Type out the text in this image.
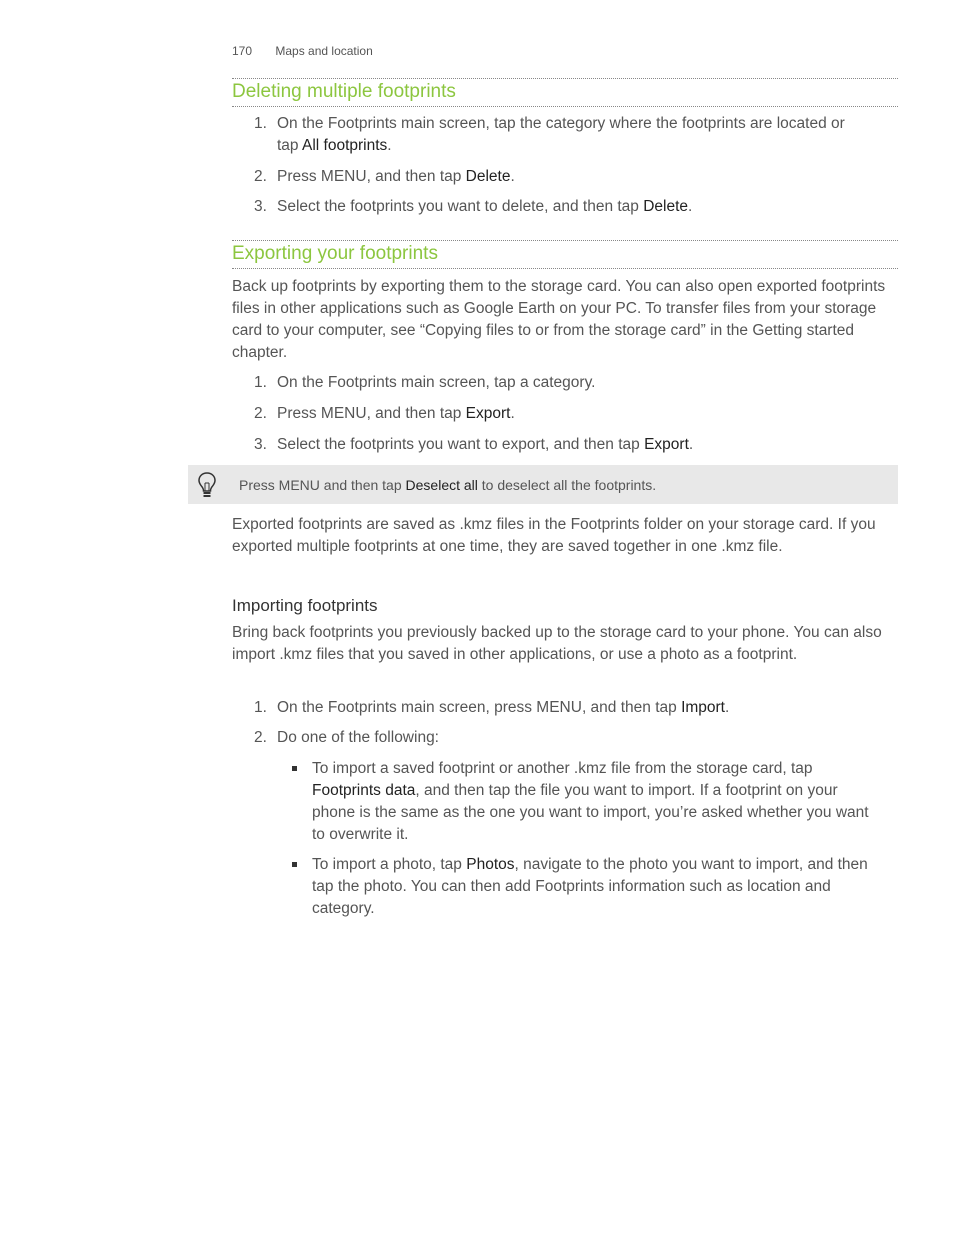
170 Maps and location
Deleting multiple footprints
1. On the Footprints main screen, tap the category where the footprints are located or tap All footprints.
2. Press MENU, and then tap Delete.
3. Select the footprints you want to delete, and then tap Delete.
Exporting your footprints

Back up footprints by exporting them to the storage card. You can also open exported footprints files in other applications such as Google Earth on your PC. To transfer files from your storage card to your computer, see “Copying files to or from the storage card” in the Getting started chapter.

1. On the Footprints main screen, tap a category.
2. Press MENU, and then tap Export.
3. Select the footprints you want to export, and then tap Export.
Press MENU and then tap Deselect all to deselect all the footprints.

Exported footprints are saved as .kmz files in the Footprints folder on your storage card. If you exported multiple footprints at one time, they are saved together in one .kmz file.

Importing footprints

Bring back footprints you previously backed up to the storage card to your phone. You can also import .kmz files that you saved in other applications, or use a photo as a footprint.

1. On the Footprints main screen, press MENU, and then tap Import.
2. Do one of the following:
To import a saved footprint or another .kmz file from the storage card, tap Footprints data, and then tap the file you want to import. If a footprint on your phone is the same as the one you want to import, you’re asked whether you want to overwrite it.
To import a photo, tap Photos, navigate to the photo you want to import, and then tap the photo. You can then add Footprints information such as location and category.
